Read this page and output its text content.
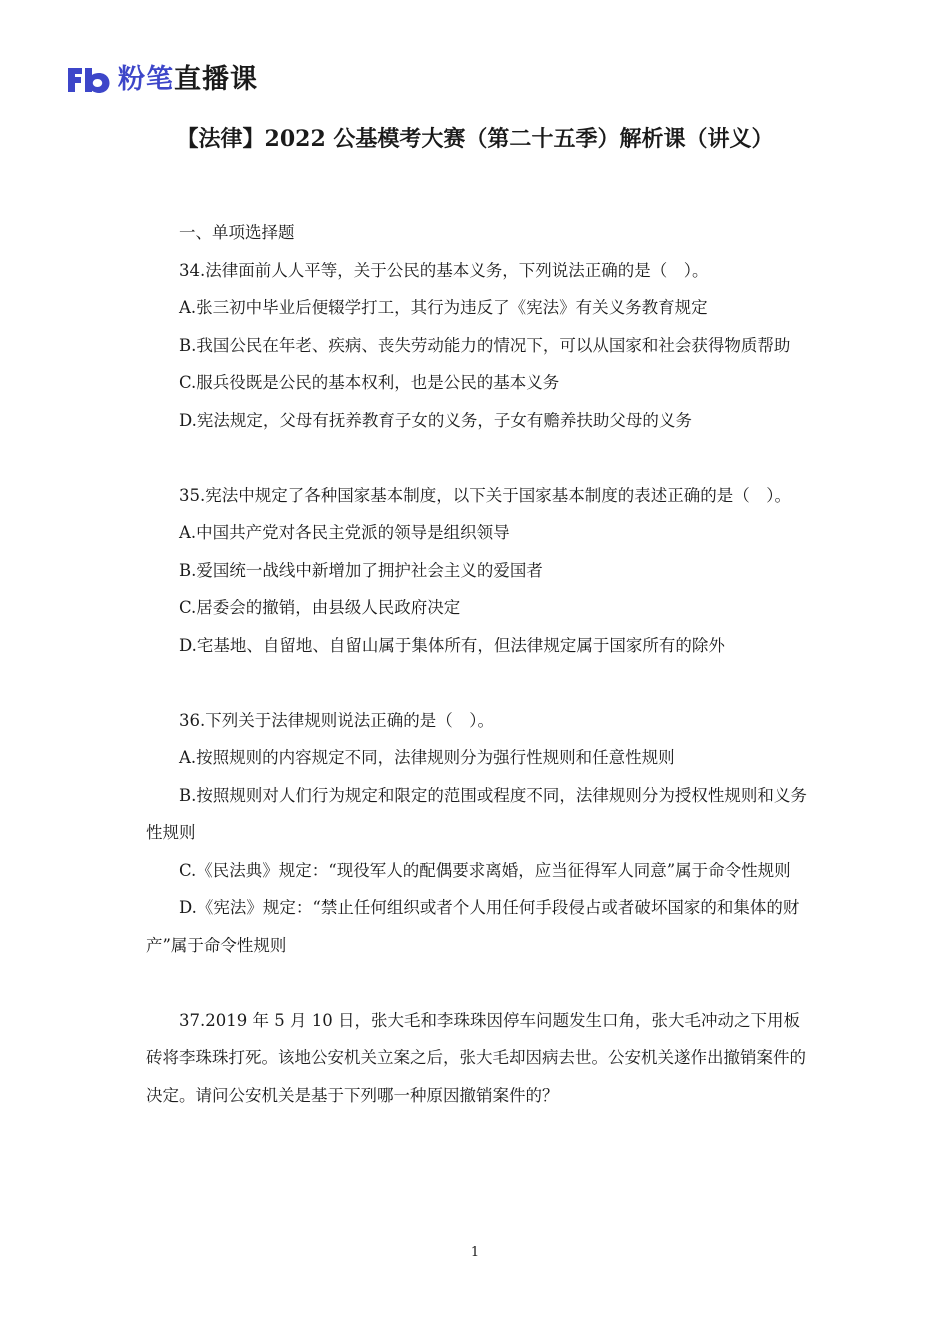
粉笔直播课
【法律】2022 公基模考大赛（第二十五季）解析课（讲义）
一、单项选择题
34.法律面前人人平等，关于公民的基本义务，下列说法正确的是（　）。
A.张三初中毕业后便辍学打工，其行为违反了《宪法》有关义务教育规定
B.我国公民在年老、疾病、丧失劳动能力的情况下，可以从国家和社会获得物质帮助
C.服兵役既是公民的基本权利，也是公民的基本义务
D.宪法规定，父母有抚养教育子女的义务，子女有赡养扶助父母的义务
35.宪法中规定了各种国家基本制度，以下关于国家基本制度的表述正确的是（　）。
A.中国共产党对各民主党派的领导是组织领导
B.爱国统一战线中新增加了拥护社会主义的爱国者
C.居委会的撤销，由县级人民政府决定
D.宅基地、自留地、自留山属于集体所有，但法律规定属于国家所有的除外
36.下列关于法律规则说法正确的是（　）。
A.按照规则的内容规定不同，法律规则分为强行性规则和任意性规则
B.按照规则对人们行为规定和限定的范围或程度不同，法律规则分为授权性规则和义务性规则
C.《民法典》规定：“现役军人的配偶要求离婚，应当征得军人同意”属于命令性规则
D.《宪法》规定：“禁止任何组织或者个人用任何手段侵占或者破坏国家的和集体的财产”属于命令性规则
37.2019 年 5 月 10 日，张大毛和李珠珠因停车问题发生口角，张大毛冲动之下用板砖将李珠珠打死。该地公安机关立案之后，张大毛却因病去世。公安机关遂作出撤销案件的决定。请问公安机关是基于下列哪一种原因撤销案件的？
1
